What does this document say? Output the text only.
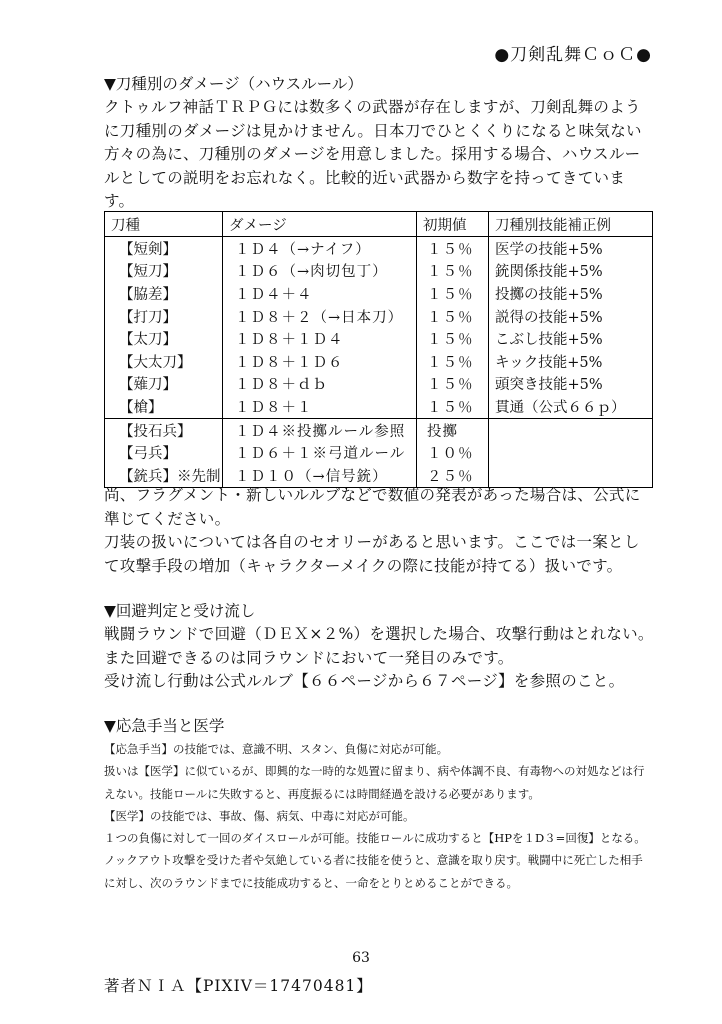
●刀剣乱舞ＣｏＣ●
▼刀種別のダメージ（ハウスルール）

クトゥルフ神話ＴＲＰＧには数多くの武器が存在しますが、刀剣乱舞のように刀種別のダメージは見かけません。日本刀でひとくくりになると味気ない方々の為に、刀種別のダメージを用意しました。採用する場合、ハウスルールとしての説明をお忘れなく。比較的近い武器から数字を持ってきています。

刀種	ダメージ	初期値	刀種別技能補正例
【短剣】	１Ｄ４（→ナイフ）	１５％	医学の技能+5%
【短刀】	１Ｄ６（→肉切包丁）	１５％	銃関係技能+5%
【脇差】	１Ｄ４＋４	１５％	投擲の技能+5%
【打刀】	１Ｄ８＋２（→日本刀）	１５％	説得の技能+5%
【太刀】	１Ｄ８＋１Ｄ４	１５％	こぶし技能+5%
【大太刀】	１Ｄ８＋１Ｄ６	１５％	キック技能+5%
【薙刀】	１Ｄ８＋ｄｂ	１５％	頭突き技能+5%
【槍】	１Ｄ８＋１	１５％	貫通（公式６６ｐ）
【投石兵】	１Ｄ４※投擲ルール参照	投擲	
【弓兵】	１Ｄ６＋１※弓道ルール	１０％	
【銃兵】※先制	１Ｄ１０（→信号銃）	２５％	

尚、フラグメント・新しいルルブなどで数値の発表があった場合は、公式に準じてください。

刀装の扱いについては各自のセオリーがあると思います。ここでは一案として攻撃手段の増加（キャラクターメイクの際に技能が持てる）扱いです。

▼回避判定と受け流し

戦闘ラウンドで回避（ＤＥＸ×２%）を選択した場合、攻撃行動はとれない。

また回避できるのは同ラウンドにおいて一発目のみです。

受け流し行動は公式ルルブ【６６ページから６７ページ】を参照のこと。

▼応急手当と医学

【応急手当】の技能では、意識不明、スタン、負傷に対応が可能。

扱いは【医学】に似ているが、即興的な一時的な処置に留まり、病や体調不良、有毒物への対処などは行えない。技能ロールに失敗すると、再度振るには時間経過を設ける必要があります。

【医学】の技能では、事故、傷、病気、中毒に対応が可能。

１つの負傷に対して一回のダイスロールが可能。技能ロールに成功すると【HPを１D３=回復】となる。ノックアウト攻撃を受けた者や気絶している者に技能を使うと、意識を取り戻す。戦闘中に死亡した相手に対し、次のラウンドまでに技能成功すると、一命をとりとめることができる。

63
著者ＮＩＡ【PIXIV＝17470481】
